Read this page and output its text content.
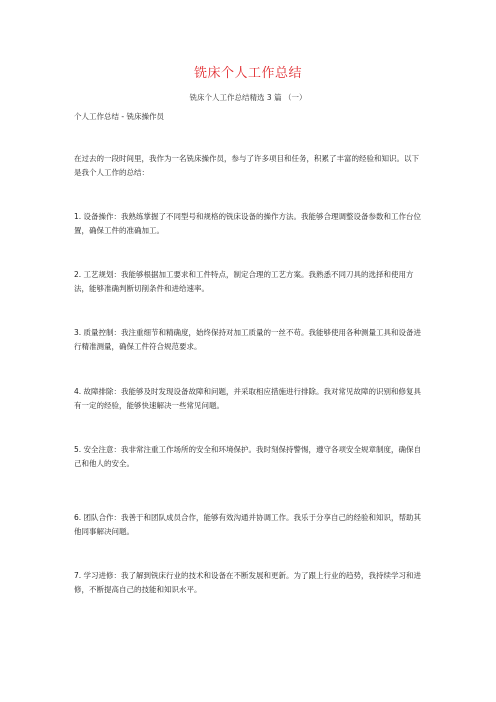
铣床个人工作总结
铣床个人工作总结精选 3 篇 （一）
个人工作总结 - 铣床操作员

在过去的一段时间里，我作为一名铣床操作员，参与了许多项目和任务，积累了丰富的经验和知识。以下是我个人工作的总结：

1. 设备操作：我熟练掌握了不同型号和规格的铣床设备的操作方法。我能够合理调整设备参数和工作台位置，确保工件的准确加工。

2. 工艺规划：我能够根据加工要求和工件特点，制定合理的工艺方案。我熟悉不同刀具的选择和使用方法，能够准确判断切削条件和进给速率。

3. 质量控制：我注重细节和精确度，始终保持对加工质量的一丝不苟。我能够使用各种测量工具和设备进行精准测量，确保工件符合规范要求。

4. 故障排除：我能够及时发现设备故障和问题，并采取相应措施进行排除。我对常见故障的识别和修复具有一定的经验，能够快速解决一些常见问题。

5. 安全注意：我非常注重工作场所的安全和环境保护。我时刻保持警惕，遵守各项安全规章制度，确保自己和他人的安全。

6. 团队合作：我善于和团队成员合作，能够有效沟通并协调工作。我乐于分享自己的经验和知识，帮助其他同事解决问题。

7. 学习进修：我了解到铣床行业的技术和设备在不断发展和更新。为了跟上行业的趋势，我持续学习和进修，不断提高自己的技能和知识水平。
